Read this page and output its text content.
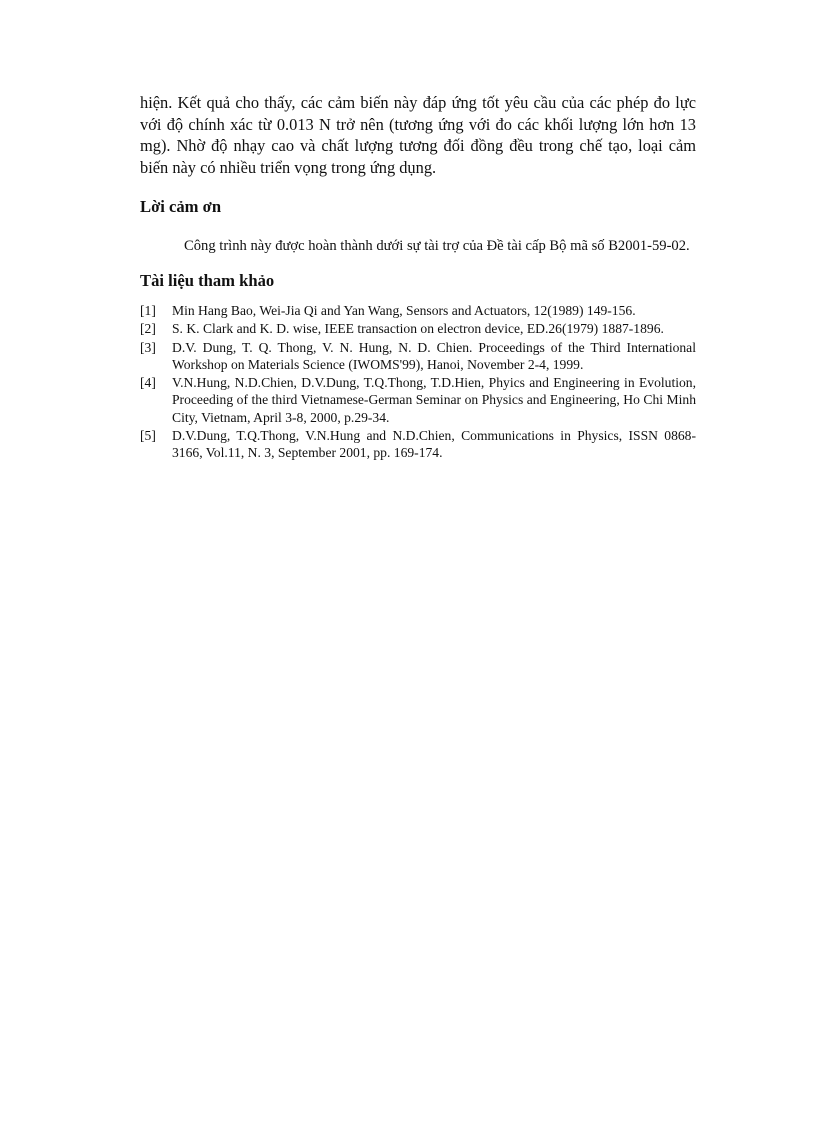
hiện. Kết quả cho thấy, các cảm biến này đáp ứng tốt yêu cầu của các phép đo lực với độ chính xác từ 0.013 N trở nên (tương ứng với đo các khối lượng lớn hơn 13 mg). Nhờ độ nhạy cao và chất lượng tương đối đồng đều trong chế tạo, loại cảm biến này có nhiều triển vọng trong ứng dụng.

Lời cảm ơn

Công trình này được hoàn thành dưới sự tài trợ của Đề tài cấp Bộ mã số B2001-59-02.

Tài liệu tham khảo
[1]	Min Hang Bao, Wei-Jia Qi and Yan Wang, Sensors and Actuators, 12(1989) 149-156.
[2]	S. K. Clark and K. D. wise, IEEE transaction on electron device, ED.26(1979) 1887-1896.
[3]	D.V. Dung, T. Q. Thong, V. N. Hung, N. D. Chien. Proceedings of the Third International Workshop on Materials Science (IWOMS'99), Hanoi, November 2-4, 1999.
[4]	V.N.Hung, N.D.Chien, D.V.Dung, T.Q.Thong, T.D.Hien, Phyics and Engineering in Evolution, Proceeding of the third Vietnamese-German Seminar on Physics and Engineering, Ho Chi Minh City, Vietnam, April 3-8, 2000, p.29-34.
[5]	D.V.Dung, T.Q.Thong, V.N.Hung and N.D.Chien, Communications in Physics, ISSN 0868-3166, Vol.11, N. 3, September 2001, pp. 169-174.
